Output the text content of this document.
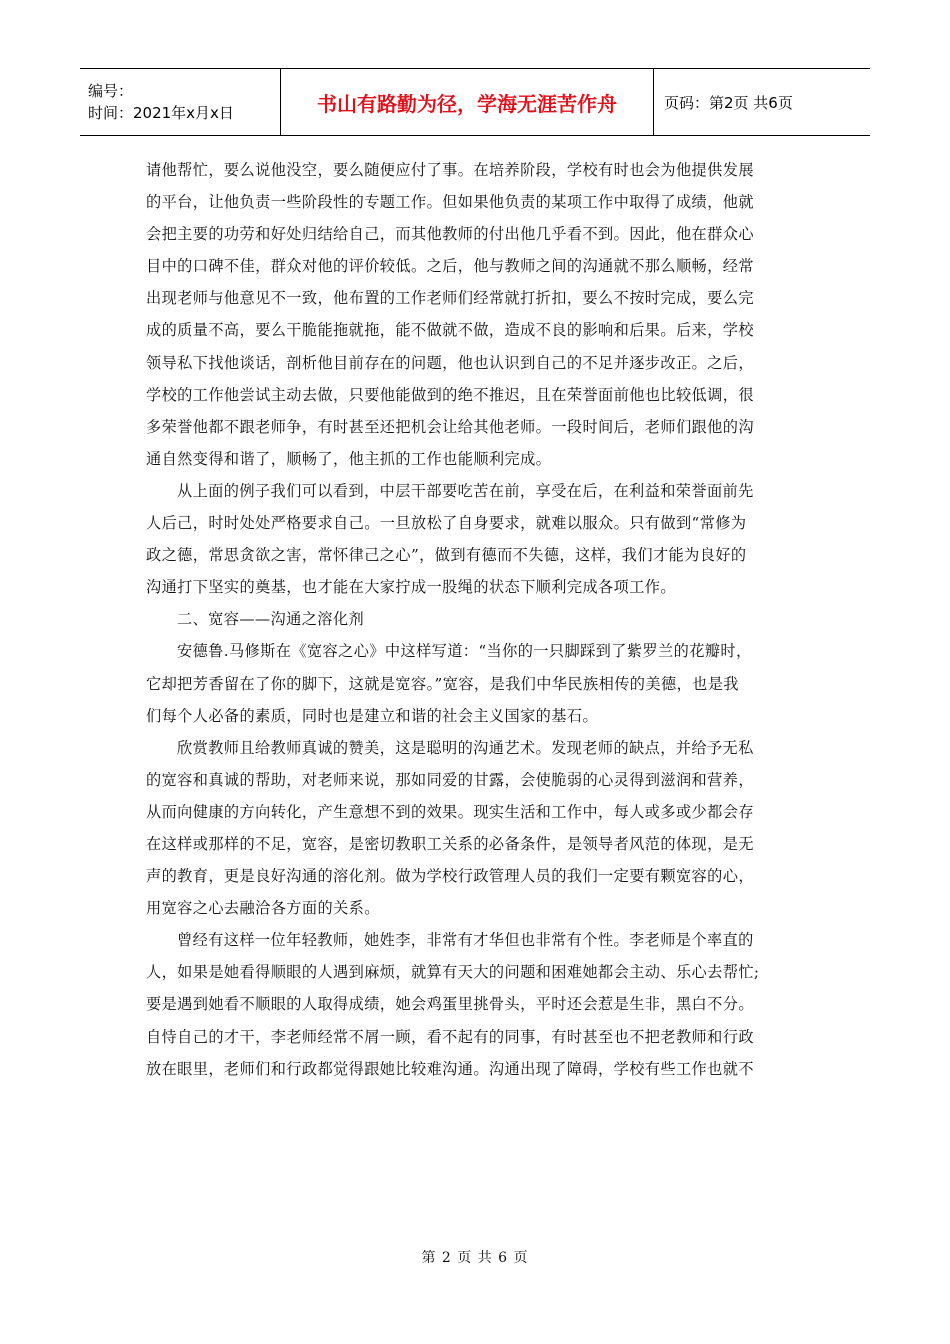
编号：
时间：2021年x月x日	书山有路勤为径，学海无涯苦作舟	页码：第2页 共6页
请他帮忙，要么说他没空，要么随便应付了事。在培养阶段，学校有时也会为他提供发展
的平台，让他负责一些阶段性的专题工作。但如果他负责的某项工作中取得了成绩，他就
会把主要的功劳和好处归结给自己，而其他教师的付出他几乎看不到。因此，他在群众心
目中的口碑不佳，群众对他的评价较低。之后，他与教师之间的沟通就不那么顺畅，经常
出现老师与他意见不一致，他布置的工作老师们经常就打折扣，要么不按时完成，要么完
成的质量不高，要么干脆能拖就拖，能不做就不做，造成不良的影响和后果。后来，学校
领导私下找他谈话，剖析他目前存在的问题，他也认识到自己的不足并逐步改正。之后，
学校的工作他尝试主动去做，只要他能做到的绝不推迟，且在荣誉面前他也比较低调，很
多荣誉他都不跟老师争，有时甚至还把机会让给其他老师。一段时间后，老师们跟他的沟
通自然变得和谐了，顺畅了，他主抓的工作也能顺利完成。
从上面的例子我们可以看到，中层干部要吃苦在前，享受在后，在利益和荣誉面前先
人后己，时时处处严格要求自己。一旦放松了自身要求，就难以服众。只有做到“常修为
政之德，常思贪欲之害，常怀律己之心”，做到有德而不失德，这样，我们才能为良好的
沟通打下坚实的奠基，也才能在大家拧成一股绳的状态下顺利完成各项工作。
二、宽容——沟通之溶化剂
安德鲁.马修斯在《宽容之心》中这样写道：“当你的一只脚踩到了紫罗兰的花瓣时，
它却把芳香留在了你的脚下，这就是宽容。”宽容，是我们中华民族相传的美德，也是我
们每个人必备的素质，同时也是建立和谐的社会主义国家的基石。
欣赏教师且给教师真诚的赞美，这是聪明的沟通艺术。发现老师的缺点，并给予无私
的宽容和真诚的帮助，对老师来说，那如同爱的甘露，会使脆弱的心灵得到滋润和营养，
从而向健康的方向转化，产生意想不到的效果。现实生活和工作中，每人或多或少都会存
在这样或那样的不足，宽容，是密切教职工关系的必备条件，是领导者风范的体现，是无
声的教育，更是良好沟通的溶化剂。做为学校行政管理人员的我们一定要有颗宽容的心，
用宽容之心去融洽各方面的关系。
曾经有这样一位年轻教师，她姓李，非常有才华但也非常有个性。李老师是个率直的
人，如果是她看得顺眼的人遇到麻烦，就算有天大的问题和困难她都会主动、乐心去帮忙;
要是遇到她看不顺眼的人取得成绩，她会鸡蛋里挑骨头，平时还会惹是生非，黑白不分。
自恃自己的才干，李老师经常不屑一顾，看不起有的同事，有时甚至也不把老教师和行政
放在眼里，老师们和行政都觉得跟她比较难沟通。沟通出现了障碍，学校有些工作也就不
第 2 页 共 6 页
